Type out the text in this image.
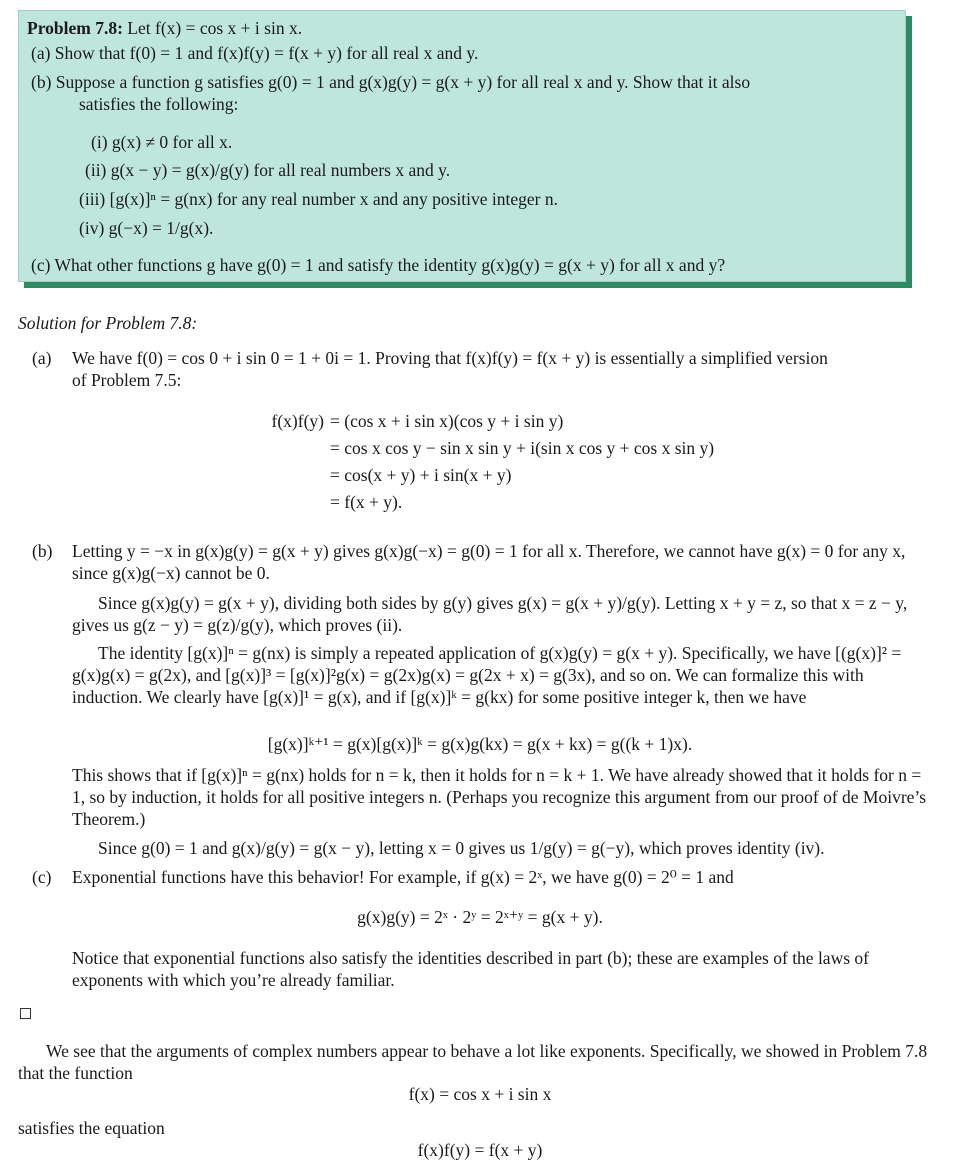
Problem 7.8: Let f(x) = cos x + i sin x.
(a) Show that f(0) = 1 and f(x)f(y) = f(x + y) for all real x and y.
(b) Suppose a function g satisfies g(0) = 1 and g(x)g(y) = g(x + y) for all real x and y. Show that it also
satisfies the following:
(i) g(x) ≠ 0 for all x.
(ii) g(x − y) = g(x)/g(y) for all real numbers x and y.
(iii) [g(x)]ⁿ = g(nx) for any real number x and any positive integer n.
(iv) g(−x) = 1/g(x).
(c) What other functions g have g(0) = 1 and satisfy the identity g(x)g(y) = g(x + y) for all x and y?
Solution for Problem 7.8:
(a) We have f(0) = cos 0 + i sin 0 = 1 + 0i = 1. Proving that f(x)f(y) = f(x + y) is essentially a simplified version
of Problem 7.5:
f(x)f(y) = (cos x + i sin x)(cos y + i sin y)
= cos x cos y − sin x sin y + i(sin x cos y + cos x sin y)
= cos(x + y) + i sin(x + y)
= f(x + y).
(b) Letting y = −x in g(x)g(y) = g(x + y) gives g(x)g(−x) = g(0) = 1 for all x. Therefore, we cannot have g(x) = 0 for any x, since g(x)g(−x) cannot be 0.
Since g(x)g(y) = g(x + y), dividing both sides by g(y) gives g(x) = g(x + y)/g(y). Letting x + y = z, so that x = z − y, gives us g(z − y) = g(z)/g(y), which proves (ii).
The identity [g(x)]ⁿ = g(nx) is simply a repeated application of g(x)g(y) = g(x + y). Specifically, we have [(g(x)]² = g(x)g(x) = g(2x), and [g(x)]³ = [g(x)]²g(x) = g(2x)g(x) = g(2x + x) = g(3x), and so on. We can formalize this with induction. We clearly have [g(x)]¹ = g(x), and if [g(x)]ᵏ = g(kx) for some positive integer k, then we have
[g(x)]ᵏ⁺¹ = g(x)[g(x)]ᵏ = g(x)g(kx) = g(x + kx) = g((k + 1)x).
This shows that if [g(x)]ⁿ = g(nx) holds for n = k, then it holds for n = k + 1. We have already showed that it holds for n = 1, so by induction, it holds for all positive integers n. (Perhaps you recognize this argument from our proof of de Moivre’s Theorem.)
Since g(0) = 1 and g(x)/g(y) = g(x − y), letting x = 0 gives us 1/g(y) = g(−y), which proves identity (iv).
(c) Exponential functions have this behavior! For example, if g(x) = 2ˣ, we have g(0) = 2⁰ = 1 and
g(x)g(y) = 2ˣ · 2ʸ = 2ˣ⁺ʸ = g(x + y).
Notice that exponential functions also satisfy the identities described in part (b); these are examples of the laws of exponents with which you’re already familiar.
We see that the arguments of complex numbers appear to behave a lot like exponents. Specifically, we showed in Problem 7.8 that the function
f(x) = cos x + i sin x
satisfies the equation
f(x)f(y) = f(x + y)
